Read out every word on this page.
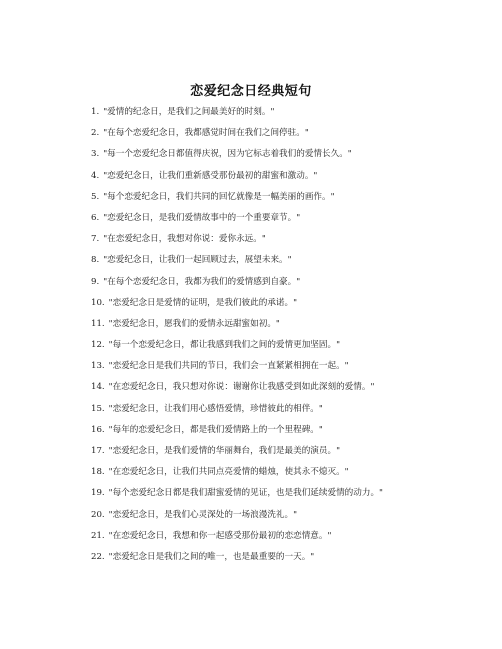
恋爱纪念日经典短句
1. "爱情的纪念日，是我们之间最美好的时刻。"
2. "在每个恋爱纪念日，我都感觉时间在我们之间停驻。"
3. "每一个恋爱纪念日都值得庆祝，因为它标志着我们的爱情长久。"
4. "恋爱纪念日，让我们重新感受那份最初的甜蜜和激动。"
5. "每个恋爱纪念日，我们共同的回忆就像是一幅美丽的画作。"
6. "恋爱纪念日，是我们爱情故事中的一个重要章节。"
7. "在恋爱纪念日，我想对你说：爱你永远。"
8. "恋爱纪念日，让我们一起回顾过去，展望未来。"
9. "在每个恋爱纪念日，我都为我们的爱情感到自豪。"
10. "恋爱纪念日是爱情的证明，是我们彼此的承诺。"
11. "恋爱纪念日，愿我们的爱情永远甜蜜如初。"
12. "每一个恋爱纪念日，都让我感到我们之间的爱情更加坚固。"
13. "恋爱纪念日是我们共同的节日，我们会一直紧紧相拥在一起。"
14. "在恋爱纪念日，我只想对你说：谢谢你让我感受到如此深刻的爱情。"
15. "恋爱纪念日，让我们用心感悟爱情，珍惜彼此的相伴。"
16. "每年的恋爱纪念日，都是我们爱情路上的一个里程碑。"
17. "恋爱纪念日，是我们爱情的华丽舞台，我们是最美的演员。"
18. "在恋爱纪念日，让我们共同点亮爱情的蜡烛，使其永不熄灭。"
19. "每个恋爱纪念日都是我们甜蜜爱情的见证，也是我们延续爱情的动力。"
20. "恋爱纪念日，是我们心灵深处的一场浪漫洗礼。"
21. "在恋爱纪念日，我想和你一起感受那份最初的恋恋情意。"
22. "恋爱纪念日是我们之间的唯一，也是最重要的一天。"
